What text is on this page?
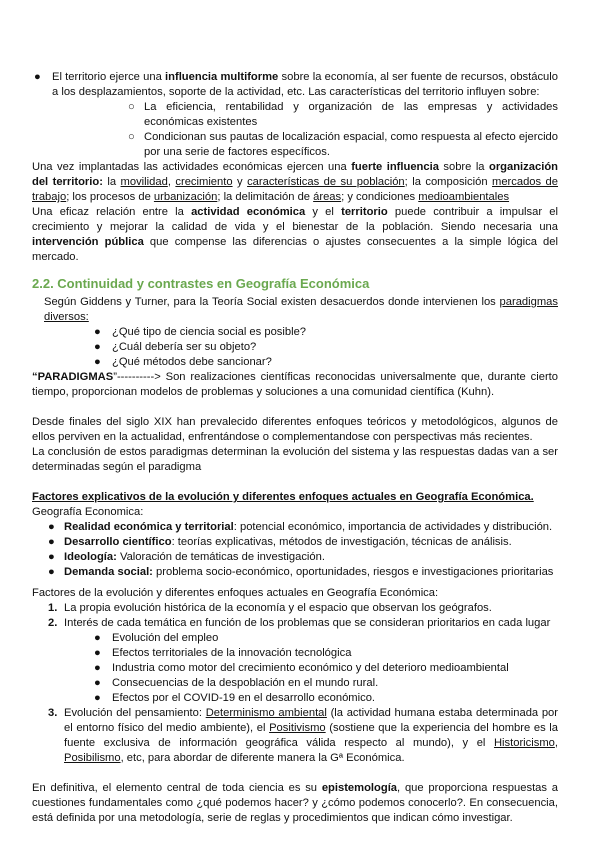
● El territorio ejerce una influencia multiforme sobre la economía, al ser fuente de recursos, obstáculo a los desplazamientos, soporte de la actividad, etc. Las características del territorio influyen sobre:
○ La eficiencia, rentabilidad y organización de las empresas y actividades económicas existentes
○ Condicionan sus pautas de localización espacial, como respuesta al efecto ejercido por una serie de factores específicos.

Una vez implantadas las actividades económicas ejercen una fuerte influencia sobre la organización del territorio: la movilidad, crecimiento y características de su población; la composición mercados de trabajo; los procesos de urbanización; la delimitación de áreas; y condiciones medioambientales

Una eficaz relación entre la actividad económica y el territorio puede contribuir a impulsar el crecimiento y mejorar la calidad de vida y el bienestar de la población. Siendo necesaria una intervención pública que compense las diferencias o ajustes consecuentes a la simple lógica del mercado.

2.2. Continuidad y contrastes en Geografía Económica

Según Giddens y Turner, para la Teoría Social existen desacuerdos donde intervienen los paradigmas diversos:

● ¿Qué tipo de ciencia social es posible?
● ¿Cuál debería ser su objeto?
● ¿Qué métodos debe sancionar?

“PARADIGMAS”----------> Son realizaciones científicas reconocidas universalmente que, durante cierto tiempo, proporcionan modelos de problemas y soluciones a una comunidad científica (Kuhn).

Desde finales del siglo XIX han prevalecido diferentes enfoques teóricos y metodológicos, algunos de ellos perviven en la actualidad, enfrentándose o complementandose con perspectivas más recientes.

La conclusión de estos paradigmas determinan la evolución del sistema y las respuestas dadas van a ser determinadas según el paradigma

Factores explicativos de la evolución y diferentes enfoques actuales en Geografía Económica.

Geografía Economica:

● Realidad económica y territorial: potencial económico, importancia de actividades y distribución.
● Desarrollo científico: teorías explicativas, métodos de investigación, técnicas de análisis.
● Ideología: Valoración de temáticas de investigación.
● Demanda social: problema socio-económico, oportunidades, riesgos e investigaciones prioritarias

Factores de la evolución y diferentes enfoques actuales en Geografía Económica:

1. La propia evolución histórica de la economía y el espacio que observan los geógrafos.
2. Interés de cada temática en función de los problemas que se consideran prioritarios en cada lugar
● Evolución del empleo
● Efectos territoriales de la innovación tecnológica
● Industria como motor del crecimiento económico y del deterioro medioambiental
● Consecuencias de la despoblación en el mundo rural.
● Efectos por el COVID-19 en el desarrollo económico.
3. Evolución del pensamiento: Determinismo ambiental (la actividad humana estaba determinada por el entorno físico del medio ambiente), el Positivismo (sostiene que la experiencia del hombre es la fuente exclusiva de información geográfica válida respecto al mundo), y el Historicismo, Posibilismo, etc, para abordar de diferente manera la Gª Económica.

En definitiva, el elemento central de toda ciencia es su epistemología, que proporciona respuestas a cuestiones fundamentales como ¿qué podemos hacer? y ¿cómo podemos conocerlo?. En consecuencia, está definida por una metodología, serie de reglas y procedimientos que indican cómo investigar.
